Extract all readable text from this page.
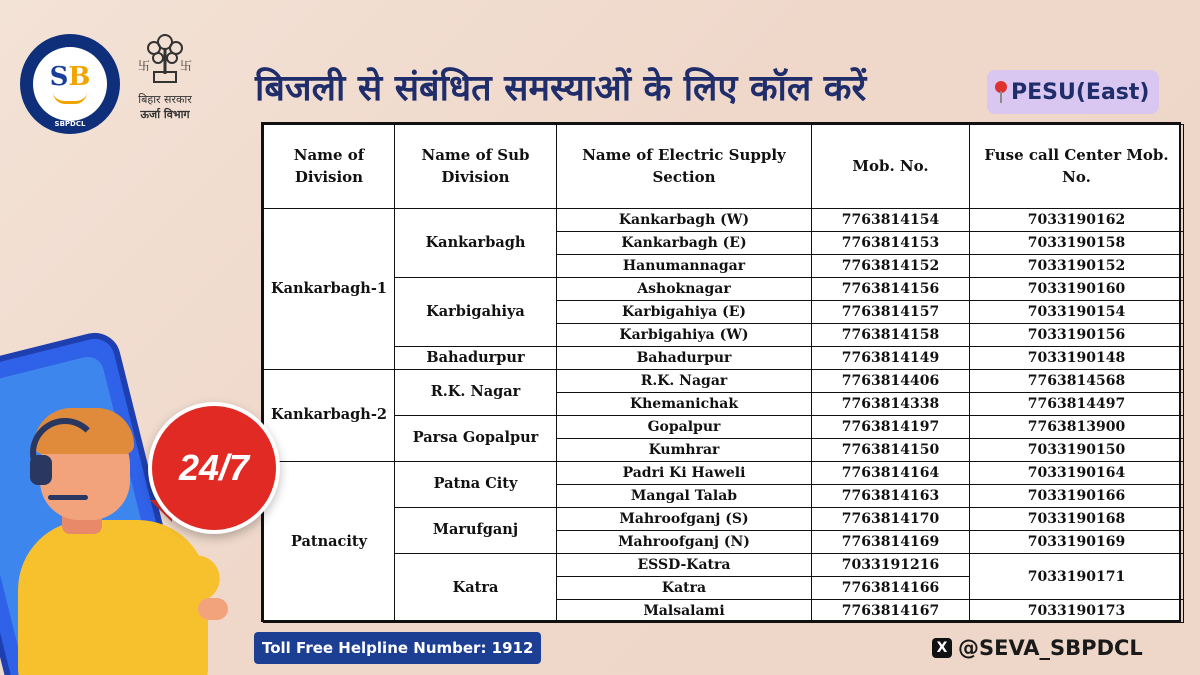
SB
SBPDCL
卐 卐
बिहार सरकार
ऊर्जा विभाग
बिजली से संबंधित समस्याओं के लिए कॉल करें	PESU(East)
Name of Division	Name of Sub Division	Name of Electric Supply Section	Mob. No.	Fuse call Center Mob. No.
Kankarbagh-1	Kankarbagh	Kankarbagh (W)	7763814154	7033190162
		Kankarbagh (E)	7763814153	7033190158
		Hanumannagar	7763814152	7033190152
	Karbigahiya	Ashoknagar	7763814156	7033190160
		Karbigahiya (E)	7763814157	7033190154
		Karbigahiya (W)	7763814158	7033190156
	Bahadurpur	Bahadurpur	7763814149	7033190148
Kankarbagh-2	R.K. Nagar	R.K. Nagar	7763814406	7763814568
		Khemanichak	7763814338	7763814497
	Parsa Gopalpur	Gopalpur	7763814197	7763813900
		Kumhrar	7763814150	7033190150
Patnacity	Patna City	Padri Ki Haweli	7763814164	7033190164
		Mangal Talab	7763814163	7033190166
	Marufganj	Mahroofganj (S)	7763814170	7033190168
		Mahroofganj (N)	7763814169	7033190169
	Katra	ESSD-Katra	7033191216	7033190171
		Katra	7763814166	
		Malsalami	7763814167	7033190173
24/7
Toll Free Helpline Number: 1912	X @SEVA_SBPDCL
